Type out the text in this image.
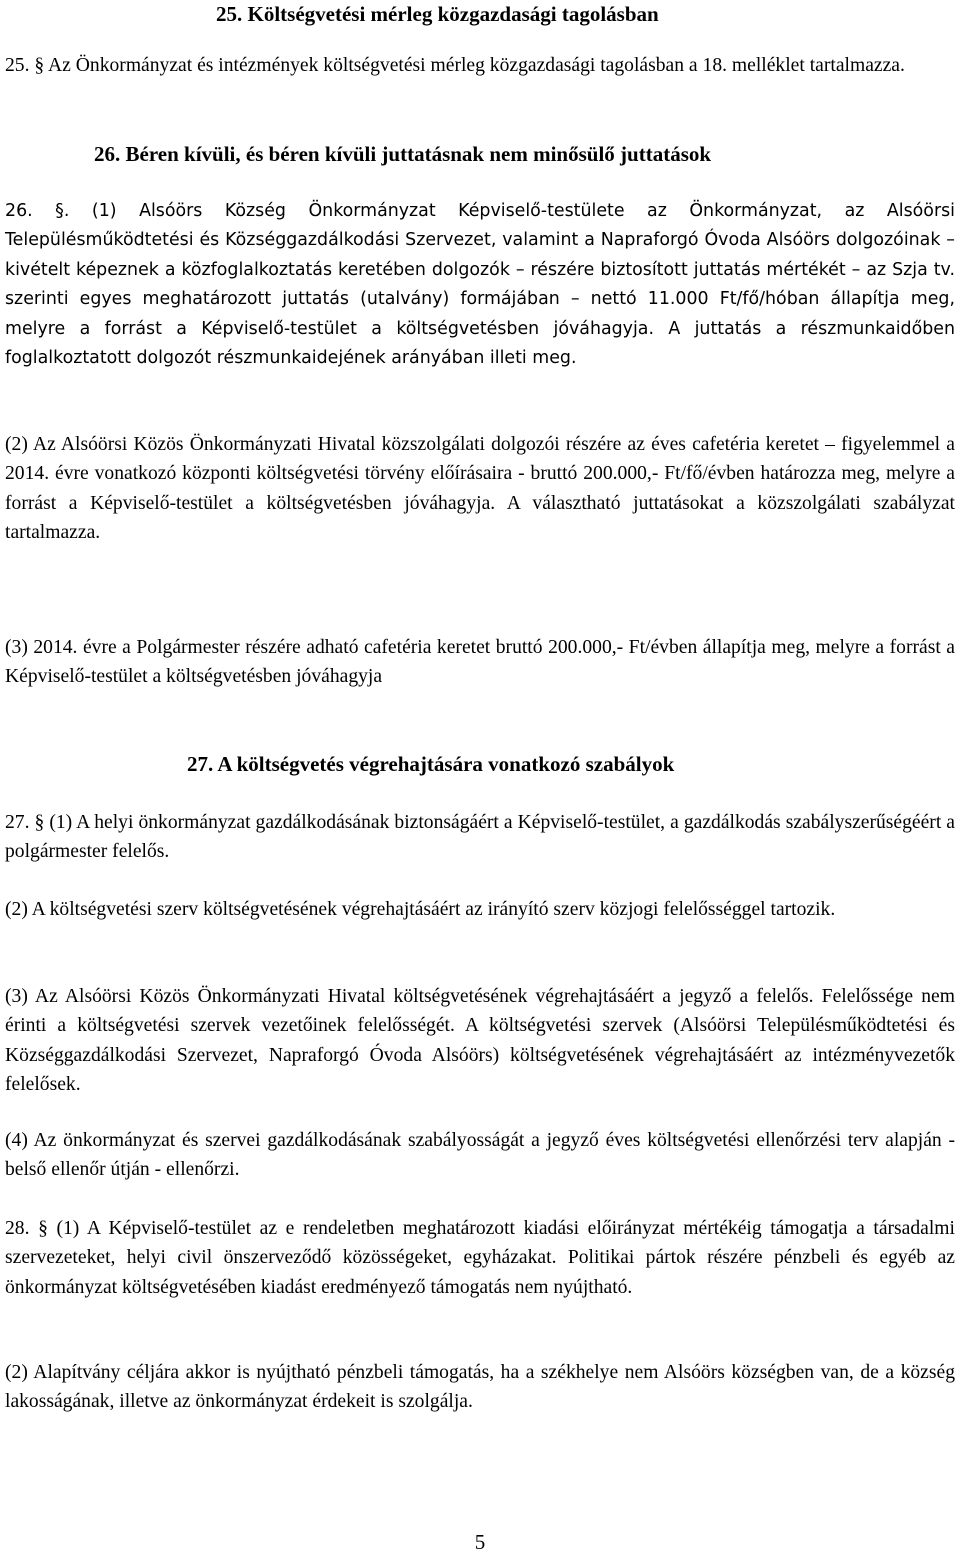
25. Költségvetési mérleg közgazdasági tagolásban

25. § Az Önkormányzat és intézmények költségvetési mérleg közgazdasági tagolásban a 18. melléklet tartalmazza.

26. Béren kívüli, és béren kívüli juttatásnak nem minősülő juttatások

26. §. (1) Alsóörs Község Önkormányzat Képviselő-testülete az Önkormányzat, az Alsóörsi Településműködtetési és Községgazdálkodási Szervezet, valamint a Napraforgó Óvoda Alsóörs dolgozóinak – kivételt képeznek a közfoglalkoztatás keretében dolgozók – részére biztosított juttatás mértékét – az Szja tv. szerinti egyes meghatározott juttatás (utalvány) formájában – nettó 11.000 Ft/fő/hóban állapítja meg, melyre a forrást a Képviselő-testület a költségvetésben jóváhagyja. A juttatás a részmunkaidőben foglalkoztatott dolgozót részmunkaidejének arányában illeti meg.

(2) Az Alsóörsi Közös Önkormányzati Hivatal közszolgálati dolgozói részére az éves cafetéria keretet – figyelemmel a 2014. évre vonatkozó központi költségvetési törvény előírásaira - bruttó 200.000,- Ft/fő/évben határozza meg, melyre a forrást a Képviselő-testület a költségvetésben jóváhagyja. A választható juttatásokat a közszolgálati szabályzat tartalmazza.

(3) 2014. évre a Polgármester részére adható cafetéria keretet bruttó 200.000,- Ft/évben állapítja meg, melyre a forrást a Képviselő-testület a költségvetésben jóváhagyja

27. A költségvetés végrehajtására vonatkozó szabályok

27. § (1) A helyi önkormányzat gazdálkodásának biztonságáért a Képviselő-testület, a gazdálkodás szabályszerűségéért a polgármester felelős.

(2) A költségvetési szerv költségvetésének végrehajtásáért az irányító szerv közjogi felelősséggel tartozik.

(3) Az Alsóörsi Közös Önkormányzati Hivatal költségvetésének végrehajtásáért a jegyző a felelős. Felelőssége nem érinti a költségvetési szervek vezetőinek felelősségét. A költségvetési szervek (Alsóörsi Településműködtetési és Községgazdálkodási Szervezet, Napraforgó Óvoda Alsóörs) költségvetésének végrehajtásáért az intézményvezetők felelősek.

(4) Az önkormányzat és szervei gazdálkodásának szabályosságát a jegyző éves költségvetési ellenőrzési terv alapján - belső ellenőr útján - ellenőrzi.

28. § (1) A Képviselő-testület az e rendeletben meghatározott kiadási előirányzat mértékéig támogatja a társadalmi szervezeteket, helyi civil önszerveződő közösségeket, egyházakat. Politikai pártok részére pénzbeli és egyéb az önkormányzat költségvetésében kiadást eredményező támogatás nem nyújtható.

(2) Alapítvány céljára akkor is nyújtható pénzbeli támogatás, ha a székhelye nem Alsóörs községben van, de a község lakosságának, illetve az önkormányzat érdekeit is szolgálja.

5
